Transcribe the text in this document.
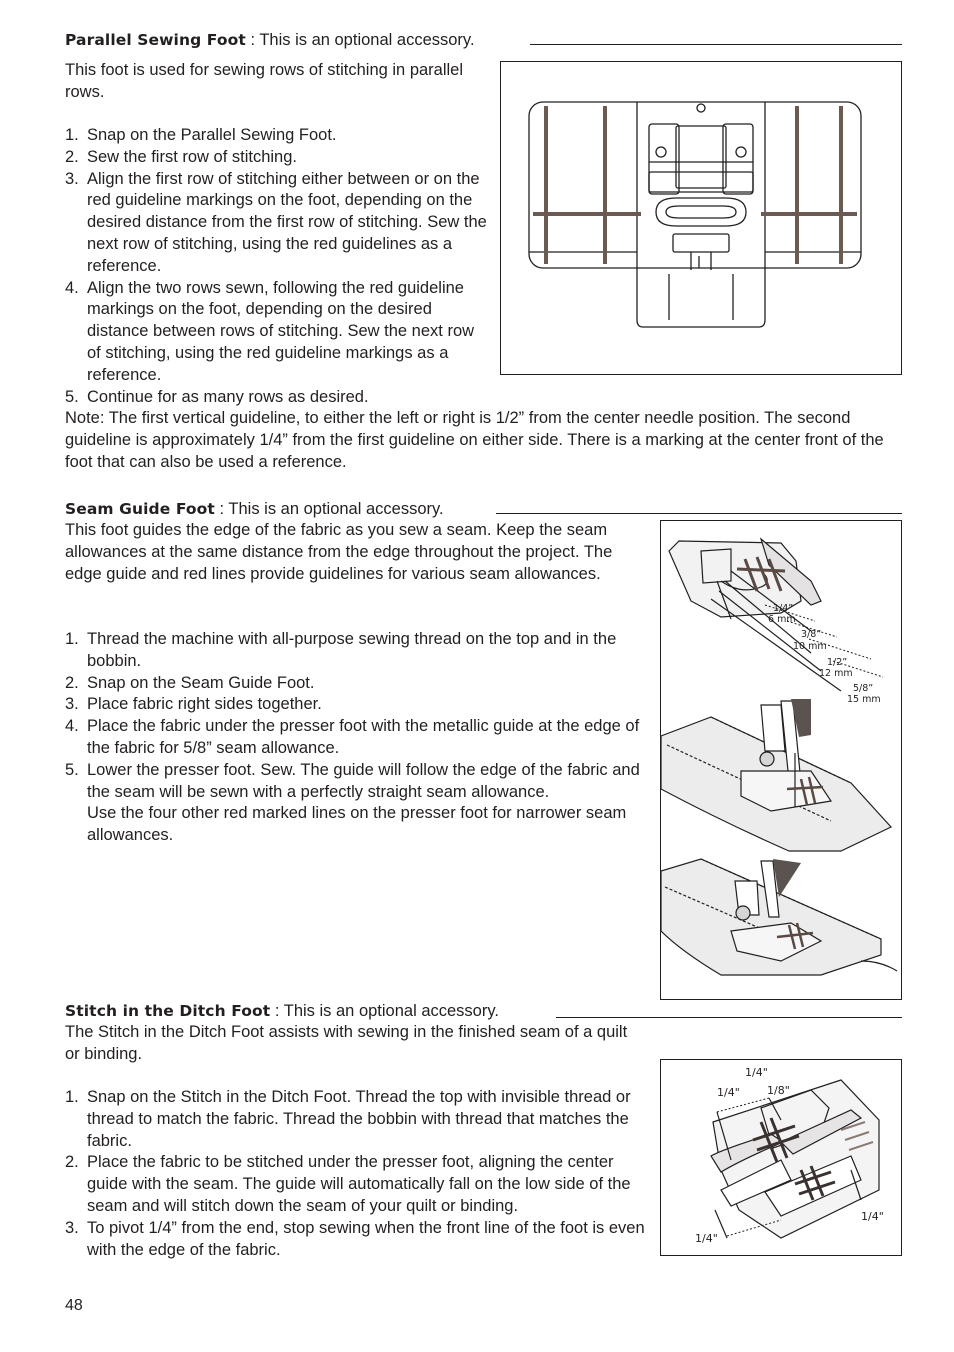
Parallel Sewing Foot : This is an optional accessory.

This foot is used for sewing rows of stitching in parallel rows.

1. Snap on the Parallel Sewing Foot.
2. Sew the first row of stitching.
3. Align the first row of stitching either between or on the red guideline markings on the foot, depending on the desired distance from the first row of stitching. Sew the next row of stitching, using the red guidelines as a reference.
4. Align the two rows sewn, following the red guideline markings on the foot, depending on the desired distance between rows of stitching. Sew the next row of stitching, using the red guideline markings as a reference.
5. Continue for as many rows as desired.

Note: The first vertical guideline, to either the left or right is 1/2” from the center needle position. The second guideline is approximately 1/4” from the first guideline on either side. There is a marking at the center front of the foot that can also be used a reference.

Seam Guide Foot : This is an optional accessory.

This foot guides the edge of the fabric as you sew a seam. Keep the seam allowances at the same distance from the edge throughout the project. The edge guide and red lines provide guidelines for various seam allowances.

1. Thread the machine with all-purpose sewing thread on the top and in the bobbin.
2. Snap on the Seam Guide Foot.
3. Place fabric right sides together.
4. Place the fabric under the presser foot with the metallic guide at the edge of the fabric for 5/8” seam allowance.
5. Lower the presser foot. Sew. The guide will follow the edge of the fabric and the seam will be sewn with a perfectly straight seam allowance.
Use the four other red marked lines on the presser foot for narrower seam allowances.
1/4”
6 mm
3/8”
10 mm
1/2”
12 mm
5/8”
15 mm
Stitch in the Ditch Foot : This is an optional accessory.

The Stitch in the Ditch Foot assists with sewing in the finished seam of a quilt or binding.

1. Snap on the Stitch in the Ditch Foot. Thread the top with invisible thread or thread to match the fabric. Thread the bobbin with thread that matches the fabric.
2. Place the fabric to be stitched under the presser foot, aligning the center guide with the seam. The guide will automatically fall on the low side of the seam and will stitch down the seam of your quilt or binding.
3. To pivot 1/4” from the end, stop sewing when the front line of the foot is even with the edge of the fabric.
1/4"
1/4" 1/8"
1/4"
1/4"
48
